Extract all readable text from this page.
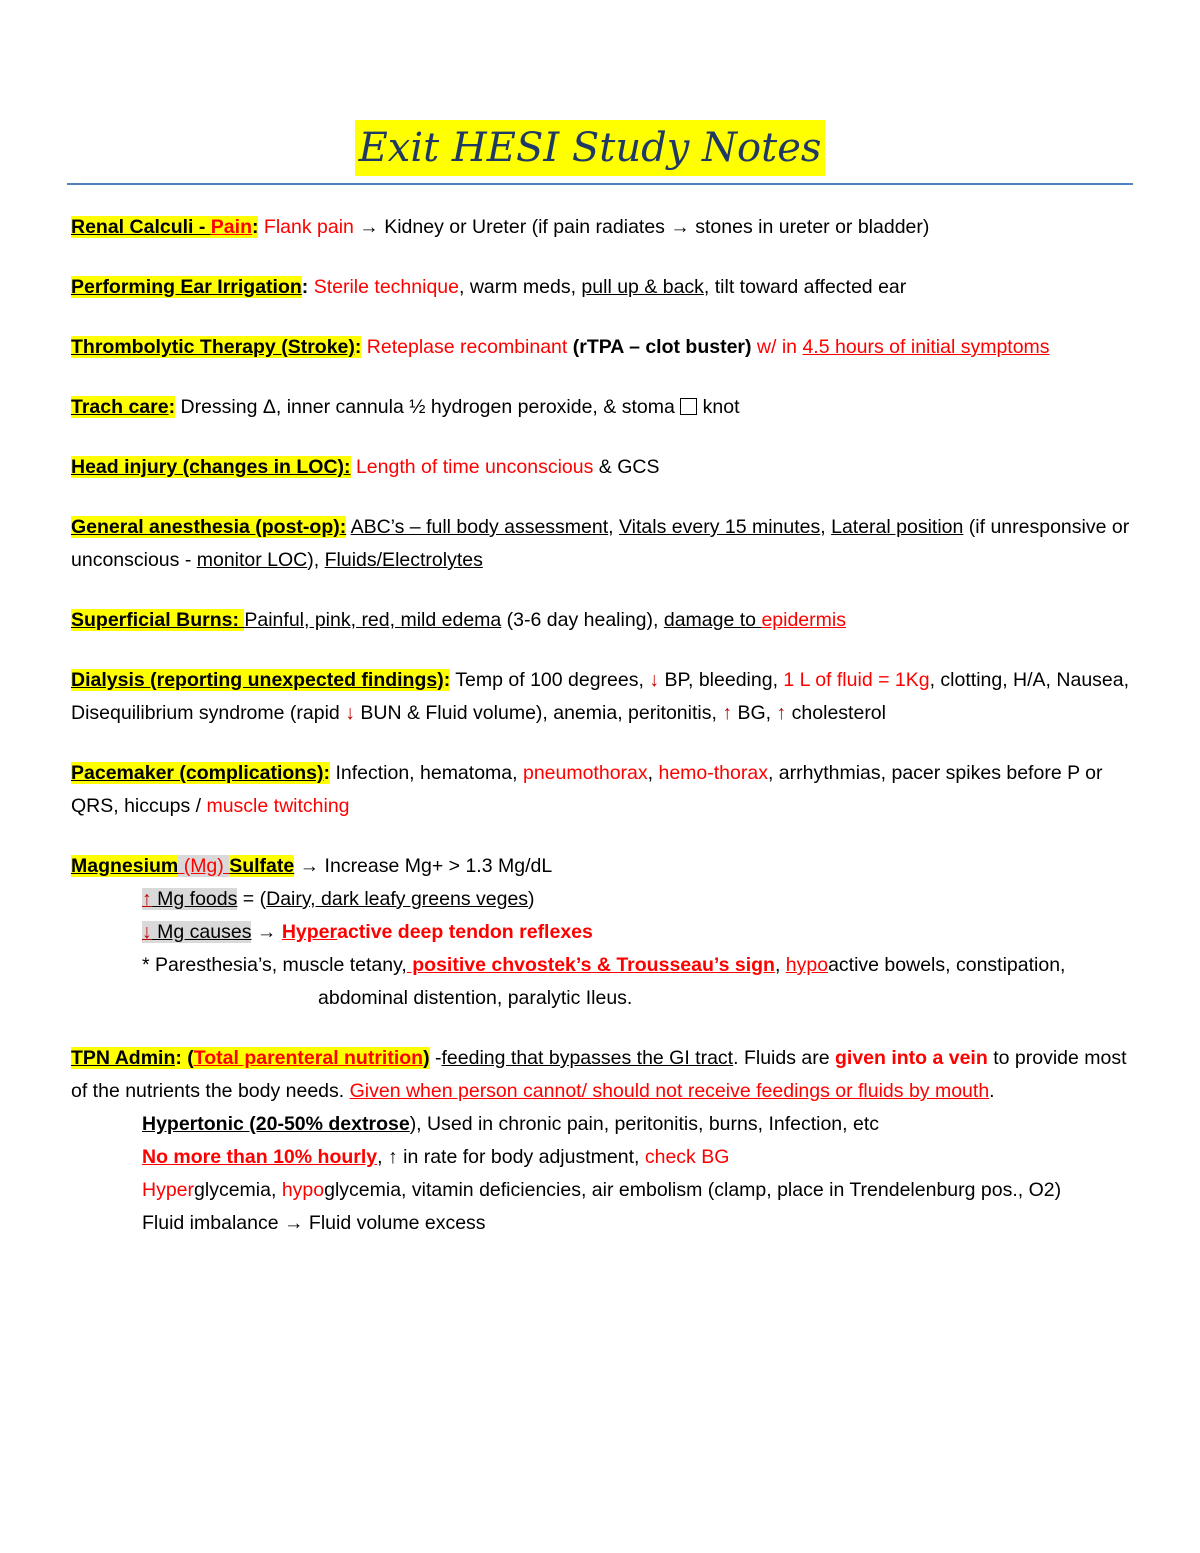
Exit HESI Study Notes
Renal Calculi - Pain: Flank pain → Kidney or Ureter (if pain radiates → stones in ureter or bladder)
Performing Ear Irrigation: Sterile technique, warm meds, pull up & back, tilt toward affected ear
Thrombolytic Therapy (Stroke): Reteplase recombinant (rTPA – clot buster) w/ in 4.5 hours of initial symptoms
Trach care: Dressing Δ, inner cannula ½ hydrogen peroxide, & stoma  knot
Head injury (changes in LOC): Length of time unconscious & GCS
General anesthesia (post-op): ABC’s – full body assessment, Vitals every 15 minutes, Lateral position (if unresponsive or unconscious - monitor LOC), Fluids/Electrolytes
Superficial Burns: Painful, pink, red, mild edema (3-6 day healing), damage to epidermis
Dialysis (reporting unexpected findings): Temp of 100 degrees, ↓ BP, bleeding, 1 L of fluid = 1Kg, clotting, H/A, Nausea, Disequilibrium syndrome (rapid ↓ BUN & Fluid volume), anemia, peritonitis, ↑ BG, ↑ cholesterol
Pacemaker (complications): Infection, hematoma, pneumothorax, hemo-thorax, arrhythmias, pacer spikes before P or QRS, hiccups / muscle twitching
Magnesium (Mg) Sulfate → Increase Mg+ > 1.3 Mg/dL
↑ Mg foods = (Dairy, dark leafy greens veges)
↓ Mg causes → Hyperactive deep tendon reflexes
* Paresthesia’s, muscle tetany, positive chvostek’s & Trousseau’s sign, hypoactive bowels, constipation,abdominal distention, paralytic Ileus.
TPN Admin: (Total parenteral nutrition) -feeding that bypasses the GI tract. Fluids are given into a vein to provide most of the nutrients the body needs. Given when person cannot/ should not receive feedings or fluids by mouth.
Hypertonic (20-50% dextrose), Used in chronic pain, peritonitis, burns, Infection, etc
No more than 10% hourly, ↑ in rate for body adjustment, check BG
Hyperglycemia, hypoglycemia, vitamin deficiencies, air embolism (clamp, place in Trendelenburg pos., O2)
Fluid imbalance → Fluid volume excess
